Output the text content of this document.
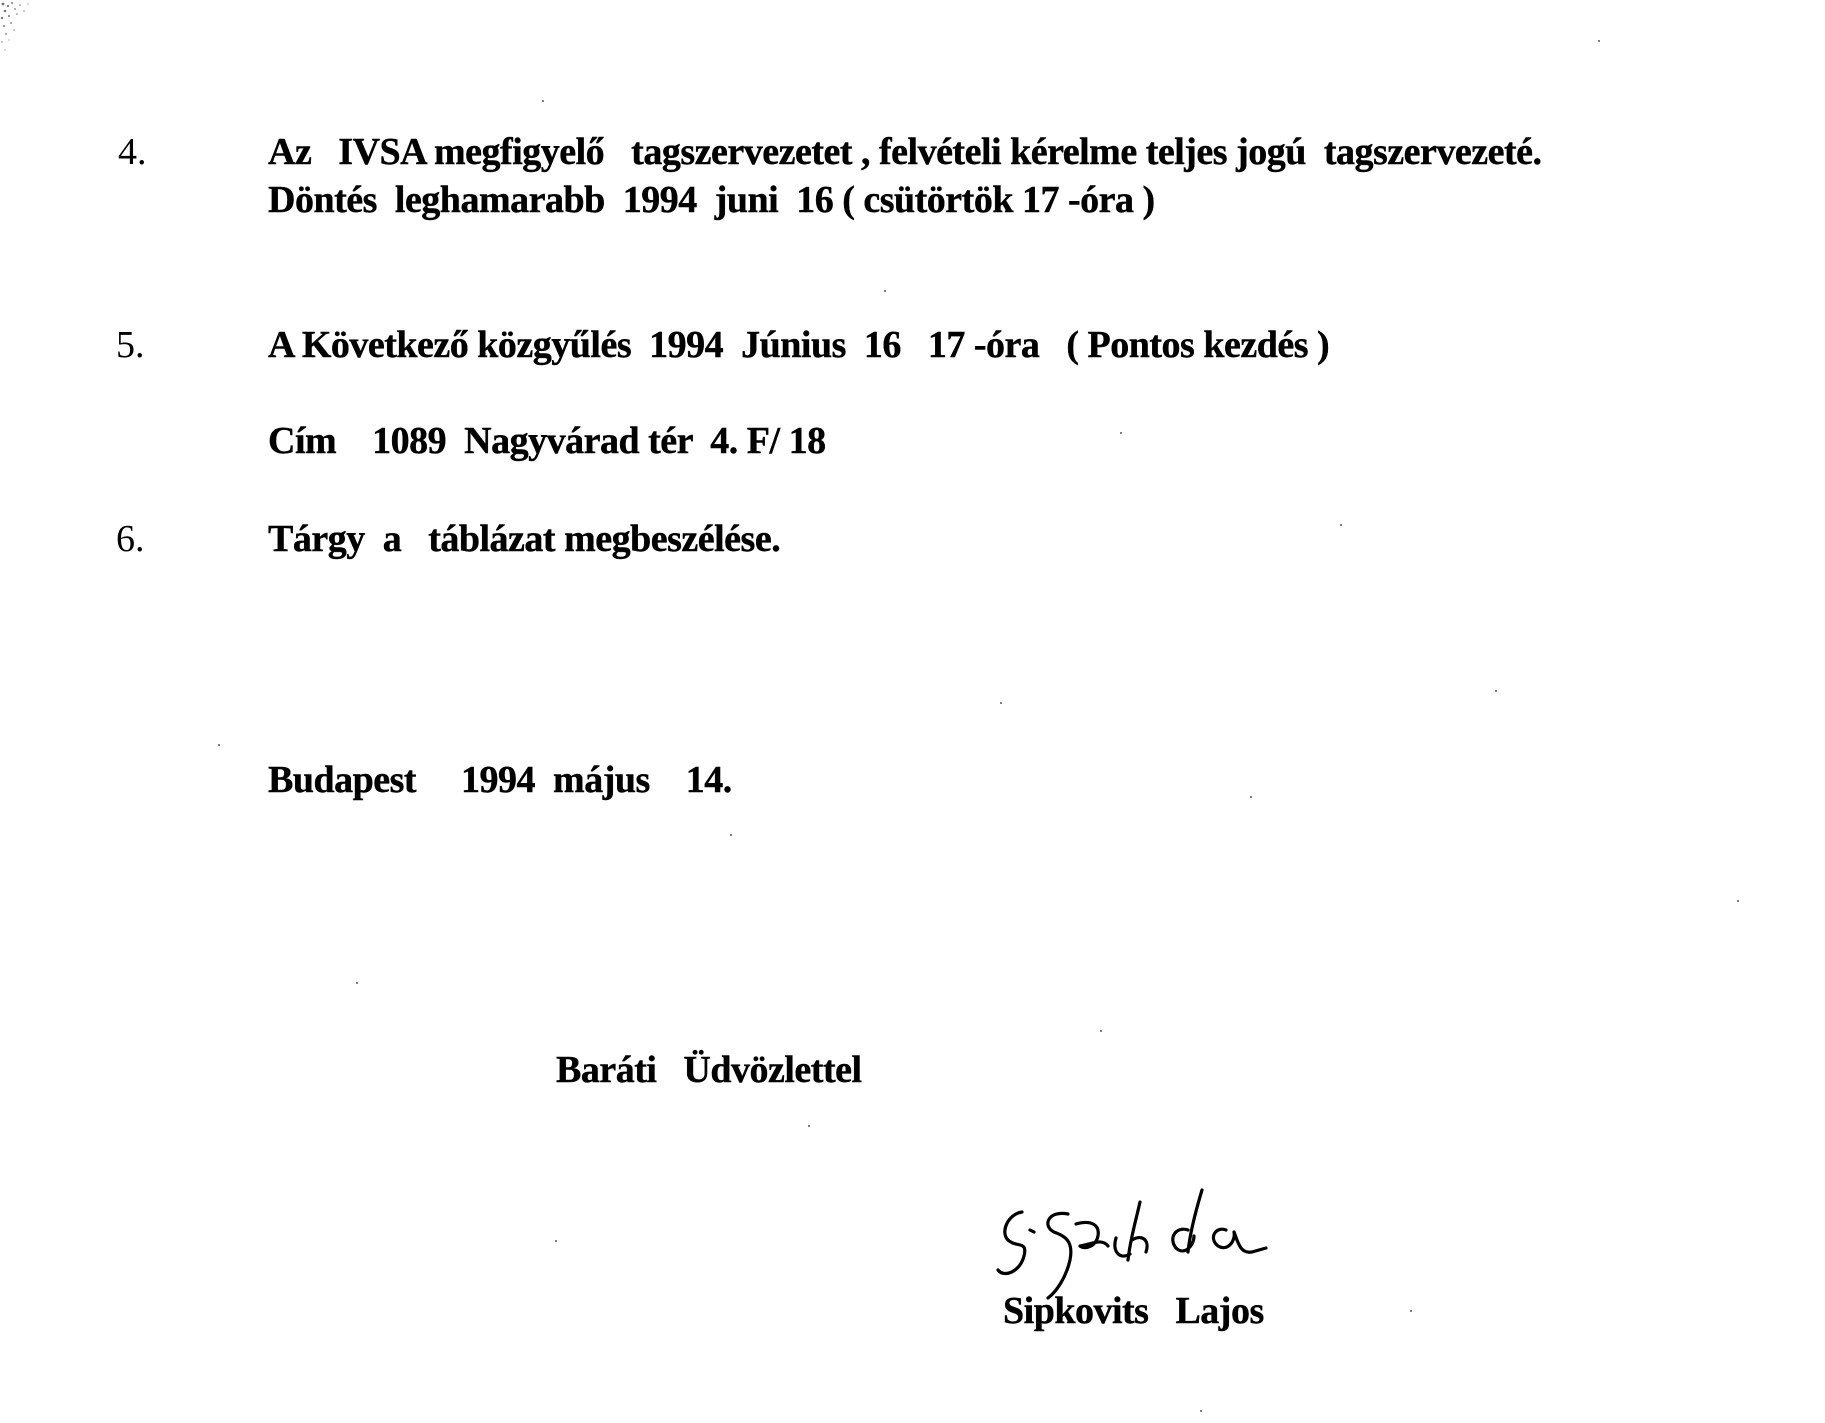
4.	Az   IVSA megfigyelő   tagszervezetet , felvételi kérelme teljes jogú  tagszervezeté.
Döntés  leghamarabb  1994  juni  16 ( csütörtök 17 -óra )
5.	A Következő közgyűlés  1994  Június  16   17 -óra   ( Pontos kezdés )
Cím    1089  Nagyvárad tér  4. F/ 18
6.	Tárgy  a   táblázat megbeszélése.
Budapest     1994  május    14.
Baráti   Üdvözlettel
Sipkovits   Lajos
